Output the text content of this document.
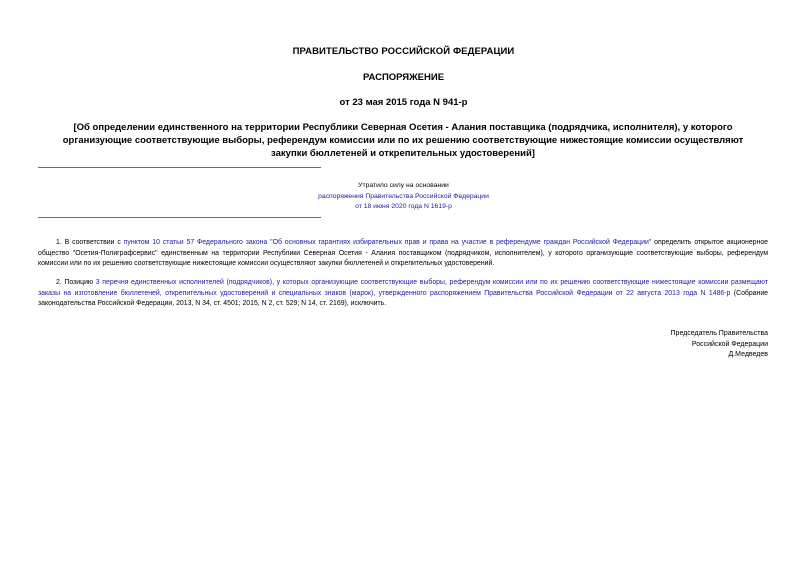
ПРАВИТЕЛЬСТВО РОССИЙСКОЙ ФЕДЕРАЦИИ
РАСПОРЯЖЕНИЕ
от 23 мая 2015 года N 941-р
[Об определении единственного на территории Республики Северная Осетия - Алания поставщика (подрядчика, исполнителя), у которого организующие соответствующие выборы, референдум комиссии или по их решению соответствующие нижестоящие комиссии осуществляют закупки бюллетеней и открепительных удостоверений]
Утратило силу на основании
распоряжения Правительства Российской Федерации
от 18 июня 2020 года N 1619-р
1. В соответствии с пунктом 10 статьи 57 Федерального закона "Об основных гарантиях избирательных прав и права на участие в референдуме граждан Российской Федерации" определить открытое акционерное общество "Осетия-Полиграфсервис" единственным на территории Республики Северная Осетия - Алания поставщиком (подрядчиком, исполнителем), у которого организующие соответствующие выборы, референдум комиссии или по их решению соответствующие нижестоящие комиссии осуществляют закупки бюллетеней и открепительных удостоверений.
2. Позицию 3 перечня единственных исполнителей (подрядчиков), у которых организующие соответствующие выборы, референдум комиссии или по их решению соответствующие нижестоящие комиссии размещают заказы на изготовление бюллетеней, открепительных удостоверений и специальных знаков (марок), утвержденного распоряжением Правительства Российской Федерации от 22 августа 2013 года N 1486-р (Собрание законодательства Российской Федерации, 2013, N 34, ст. 4501; 2015, N 2, ст. 529; N 14, ст. 2169), исключить.
Председатель Правительства
Российской Федерации
Д.Медведев
